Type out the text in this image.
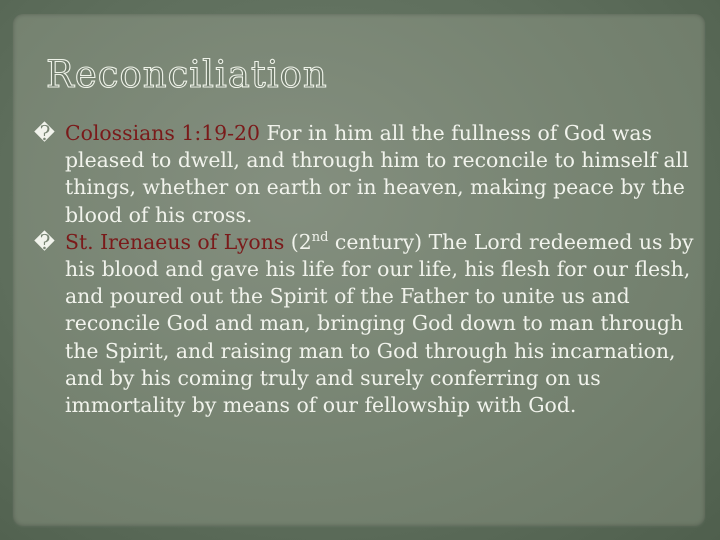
Reconciliation

� Colossians 1:19-20 For in him all the fullness of God was pleased to dwell, and through him to reconcile to himself all things, whether on earth or in heaven, making peace by the blood of his cross.

� St. Irenaeus of Lyons (2nd century) The Lord redeemed us by his blood and gave his life for our life, his flesh for our flesh, and poured out the Spirit of the Father to unite us and reconcile God and man, bringing God down to man through the Spirit, and raising man to God through his incarnation, and by his coming truly and surely conferring on us immortality by means of our fellowship with God.
